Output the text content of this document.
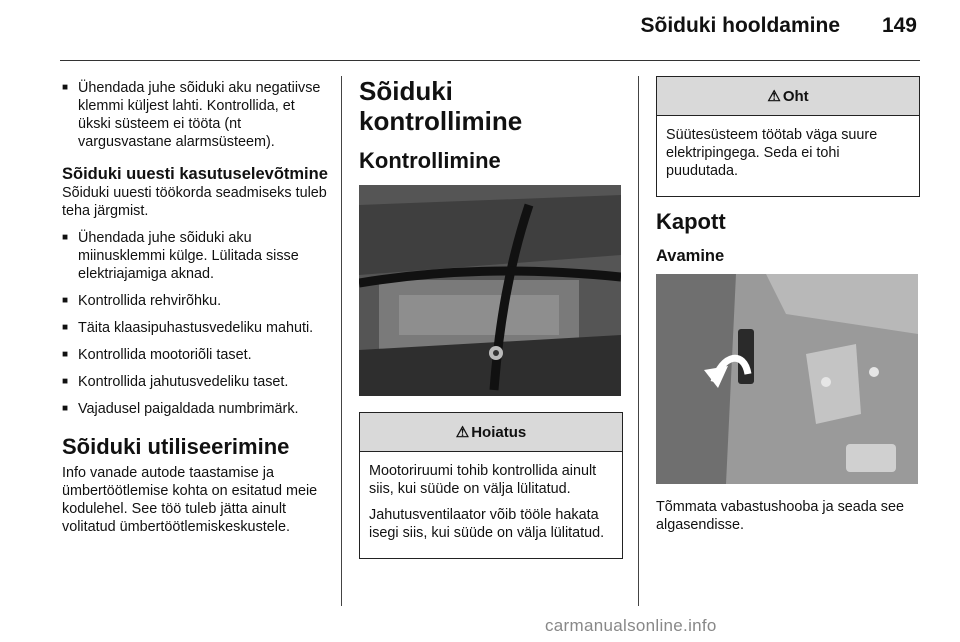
Sõiduki hooldamine	149
■ Ühendada juhe sõiduki aku negatiivse klemmi küljest lahti. Kontrollida, et ükski süsteem ei tööta (nt vargusvastane alarmsüsteem).
Sõiduki uuesti kasutuselevõtmine

Sõiduki uuesti töökorda seadmiseks tuleb teha järgmist.

■ Ühendada juhe sõiduki aku miinusklemmi külge. Lülitada sisse elektriajamiga aknad.
■ Kontrollida rehvirõhku.
■ Täita klaasipuhastusvedeliku mahuti.
■ Kontrollida mootoriõli taset.
■ Kontrollida jahutusvedeliku taset.
■ Vajadusel paigaldada numbrimärk.
Sõiduki utiliseerimine

Info vanade autode taastamise ja ümbertöötlemise kohta on esitatud meie kodulehel. See töö tuleb jätta ainult volitatud ümbertöötlemiskeskustele.

Sõiduki kontrollimine
Kontrollimine
⚠ Hoiatus

Mootoriruumi tohib kontrollida ainult siis, kui süüde on välja lülitatud.

Jahutusventilaator võib tööle hakata isegi siis, kui süüde on välja lülitatud.

⚠ Oht

Süütesüsteem töötab väga suure elektripingega. Seda ei tohi puudutada.

Kapott
Avamine

Tõmmata vabastushooba ja seada see algasendisse.

carmanualsonline.info
